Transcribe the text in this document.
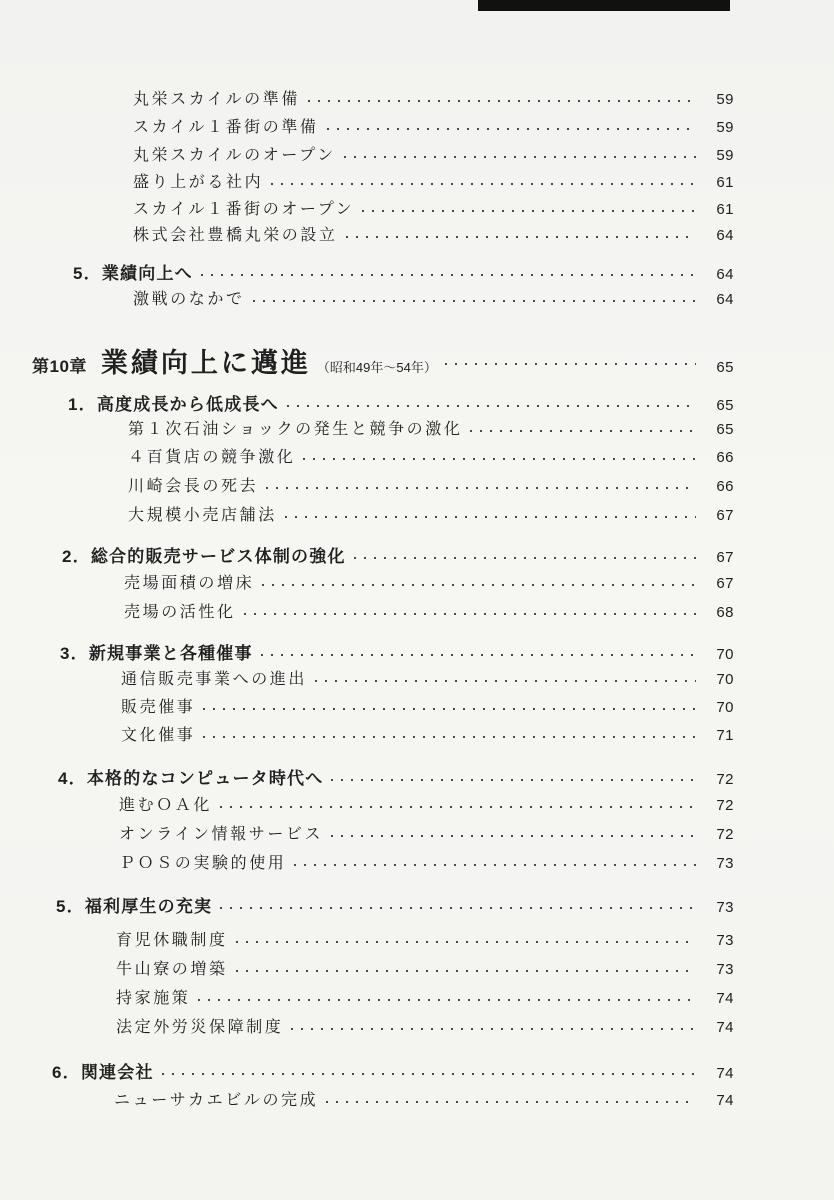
丸栄スカイルの準備	59
スカイル１番街の準備	59
丸栄スカイルのオープン	59
盛り上がる社内	61
スカイル１番街のオープン	61
株式会社豊橋丸栄の設立	64
5．業績向上へ	64
激戦のなかで	64
第10章 業績向上に邁進 （昭和49年～54年）	65
1．高度成長から低成長へ	65
第１次石油ショックの発生と競争の激化	65
４百貨店の競争激化	66
川崎会長の死去	66
大規模小売店舗法	67
2．総合的販売サービス体制の強化	67
売場面積の増床	67
売場の活性化	68
3．新規事業と各種催事	70
通信販売事業への進出	70
販売催事	70
文化催事	71
4．本格的なコンピュータ時代へ	72
進むＯＡ化	72
オンライン情報サービス	72
ＰＯＳの実験的使用	73
5．福利厚生の充実	73
育児休職制度	73
牛山寮の増築	73
持家施策	74
法定外労災保障制度	74
6．関連会社	74
ニューサカエビルの完成	74
